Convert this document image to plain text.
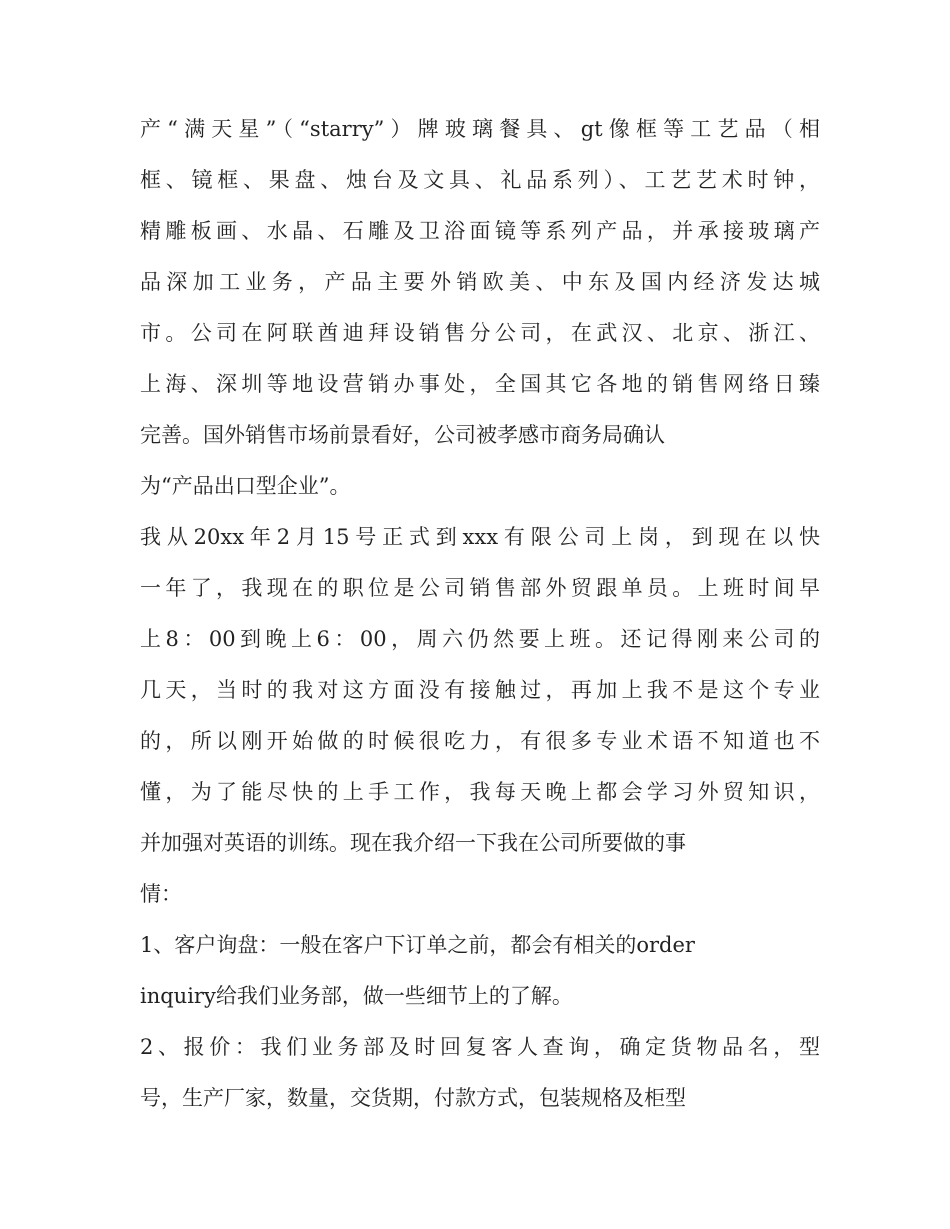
产“满天星”（“starry”）牌玻璃餐具、gt像框等工艺品（相
框、镜框、果盘、烛台及文具、礼品系列）、工艺艺术时钟，
精雕板画、水晶、石雕及卫浴面镜等系列产品，并承接玻璃产
品深加工业务，产品主要外销欧美、中东及国内经济发达城
市。公司在阿联酋迪拜设销售分公司，在武汉、北京、浙江、
上海、深圳等地设营销办事处，全国其它各地的销售网络日臻
完善。国外销售市场前景看好，公司被孝感市商务局确认
为“产品出口型企业”。
我从20xx年2月15号正式到xxx有限公司上岗，到现在以快
一年了，我现在的职位是公司销售部外贸跟单员。上班时间早
上8：00到晚上6：00，周六仍然要上班。还记得刚来公司的
几天，当时的我对这方面没有接触过，再加上我不是这个专业
的，所以刚开始做的时候很吃力，有很多专业术语不知道也不
懂，为了能尽快的上手工作，我每天晚上都会学习外贸知识，
并加强对英语的训练。现在我介绍一下我在公司所要做的事
情：
1、客户询盘：一般在客户下订单之前，都会有相关的order
inquiry给我们业务部，做一些细节上的了解。
2、报价：我们业务部及时回复客人查询，确定货物品名，型
号，生产厂家，数量，交货期，付款方式，包装规格及柜型
